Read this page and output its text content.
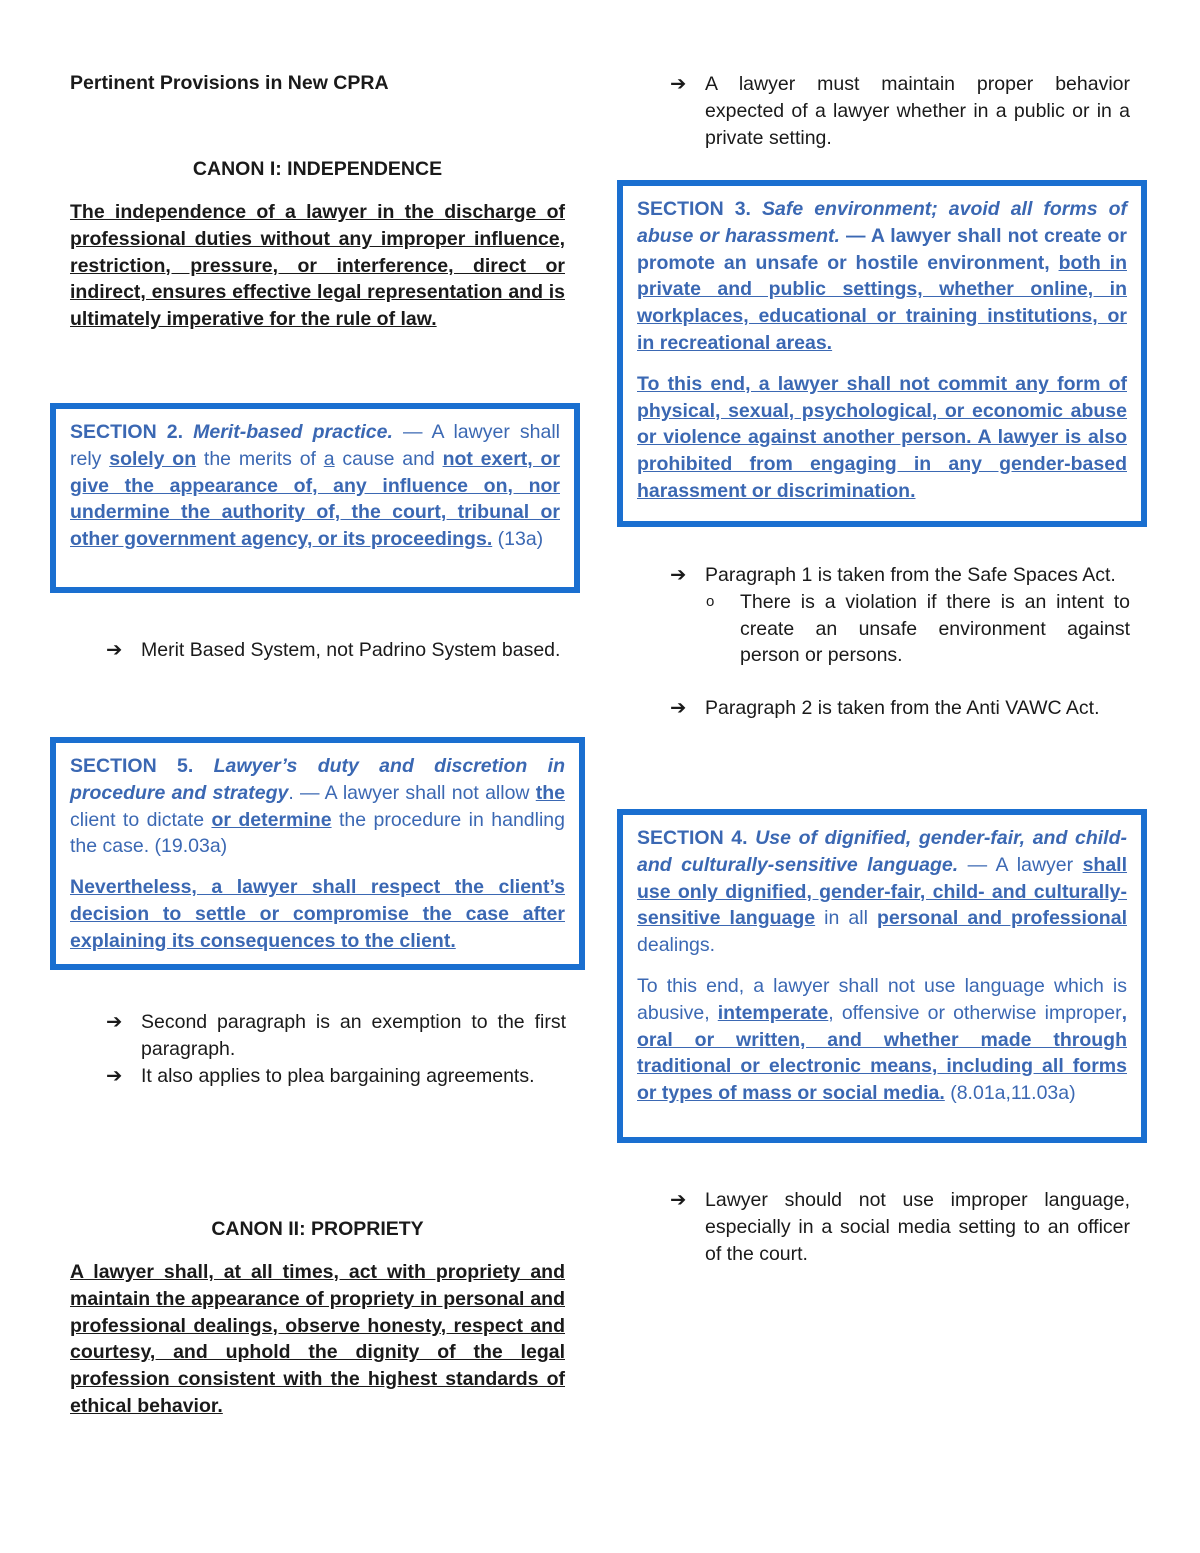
Pertinent Provisions in New CPRA
CANON I: INDEPENDENCE
The independence of a lawyer in the discharge of professional duties without any improper influence, restriction, pressure, or interference, direct or indirect, ensures effective legal representation and is ultimately imperative for the rule of law.

SECTION 2. Merit-based practice. — A lawyer shall rely solely on the merits of a cause and not exert, or give the appearance of, any influence on, nor undermine the authority of, the court, tribunal or other government agency, or its proceedings. (13a)

➔ Merit Based System, not Padrino System based.

SECTION 5. Lawyer’s duty and discretion in procedure and strategy. — A lawyer shall not allow the client to dictate or determine the procedure in handling the case. (19.03a)

Nevertheless, a lawyer shall respect the client’s decision to settle or compromise the case after explaining its consequences to the client.

➔ Second paragraph is an exemption to the first paragraph.
➔ It also applies to plea bargaining agreements.
CANON II: PROPRIETY
A lawyer shall, at all times, act with propriety and maintain the appearance of propriety in personal and professional dealings, observe honesty, respect and courtesy, and uphold the dignity of the legal profession consistent with the highest standards of ethical behavior.
➔ A lawyer must maintain proper behavior expected of a lawyer whether in a public or in a private setting.

SECTION 3. Safe environment; avoid all forms of abuse or harassment. — A lawyer shall not create or promote an unsafe or hostile environment, both in private and public settings, whether online, in workplaces, educational or training institutions, or in recreational areas.

To this end, a lawyer shall not commit any form of physical, sexual, psychological, or economic abuse or violence against another person. A lawyer is also prohibited from engaging in any gender-based harassment or discrimination.

➔ Paragraph 1 is taken from the Safe Spaces Act.
o There is a violation if there is an intent to create an unsafe environment against person or persons.
➔ Paragraph 2 is taken from the Anti VAWC Act.

SECTION 4. Use of dignified, gender-fair, and child- and culturally-sensitive language. — A lawyer shall use only dignified, gender-fair, child- and culturally-sensitive language in all personal and professional dealings.

To this end, a lawyer shall not use language which is abusive, intemperate, offensive or otherwise improper, oral or written, and whether made through traditional or electronic means, including all forms or types of mass or social media. (8.01a,11.03a)

➔ Lawyer should not use improper language, especially in a social media setting to an officer of the court.
